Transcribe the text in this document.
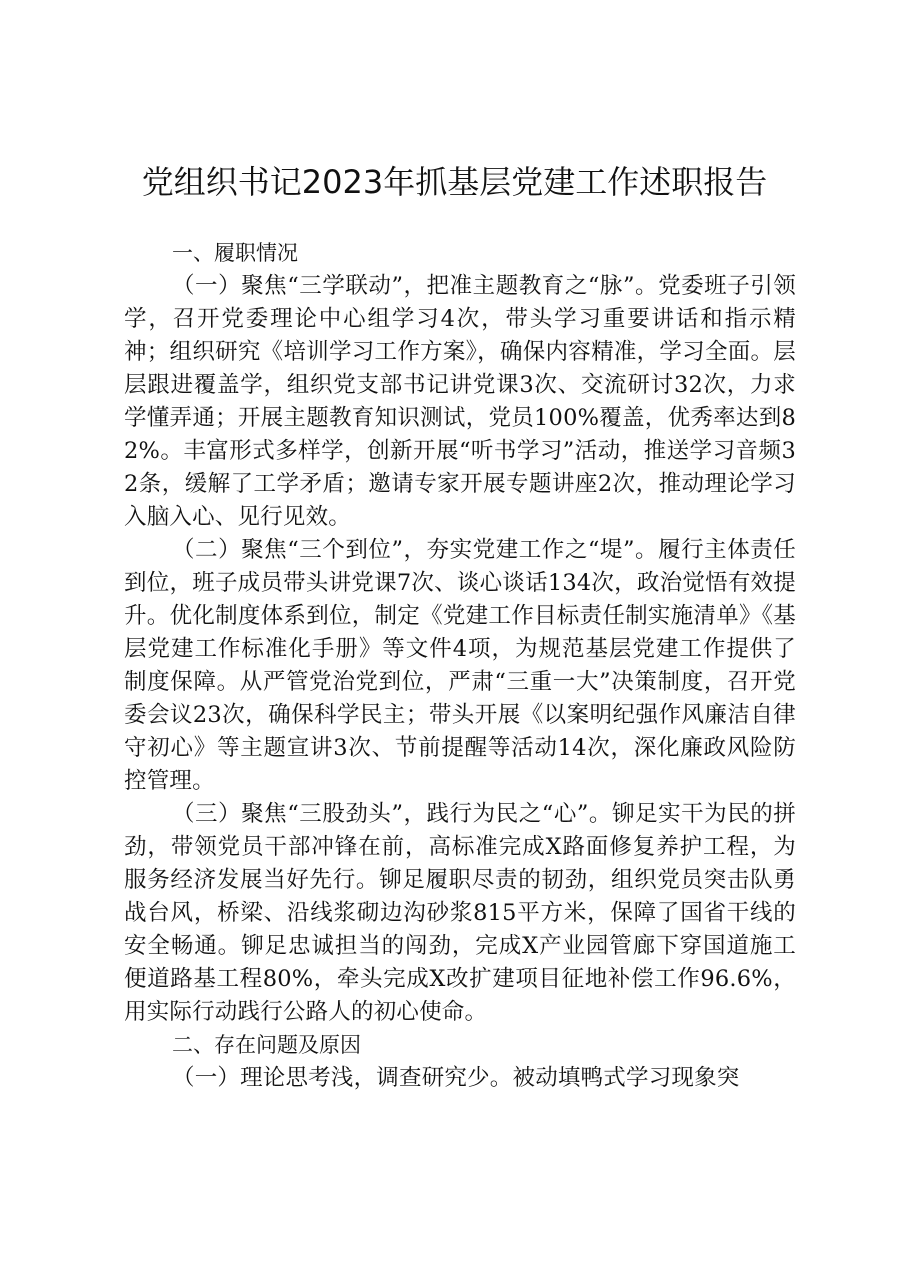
党组织书记2023年抓基层党建工作述职报告

一、履职情况

（一）聚焦“三学联动”，把准主题教育之“脉”。党委班子引领学，召开党委理论中心组学习4次，带头学习重要讲话和指示精神；组织研究《培训学习工作方案》，确保内容精准，学习全面。层层跟进覆盖学，组织党支部书记讲党课3次、交流研讨32次，力求学懂弄通；开展主题教育知识测试，党员100%覆盖，优秀率达到82%。丰富形式多样学，创新开展“听书学习”活动，推送学习音频32条，缓解了工学矛盾；邀请专家开展专题讲座2次，推动理论学习入脑入心、见行见效。

（二）聚焦“三个到位”，夯实党建工作之“堤”。履行主体责任到位，班子成员带头讲党课7次、谈心谈话134次，政治觉悟有效提升。优化制度体系到位，制定《党建工作目标责任制实施清单》《基层党建工作标准化手册》等文件4项，为规范基层党建工作提供了制度保障。从严管党治党到位，严肃“三重一大”决策制度，召开党委会议23次，确保科学民主；带头开展《以案明纪强作风廉洁自律守初心》等主题宣讲3次、节前提醒等活动14次，深化廉政风险防控管理。

（三）聚焦“三股劲头”，践行为民之“心”。铆足实干为民的拼劲，带领党员干部冲锋在前，高标准完成X路面修复养护工程，为服务经济发展当好先行。铆足履职尽责的韧劲，组织党员突击队勇战台风，桥梁、沿线浆砌边沟砂浆815平方米，保障了国省干线的安全畅通。铆足忠诚担当的闯劲，完成X产业园管廊下穿国道施工便道路基工程80%，牵头完成X改扩建项目征地补偿工作96.6%，用实际行动践行公路人的初心使命。

二、存在问题及原因

（一）理论思考浅，调查研究少。被动填鸭式学习现象突
